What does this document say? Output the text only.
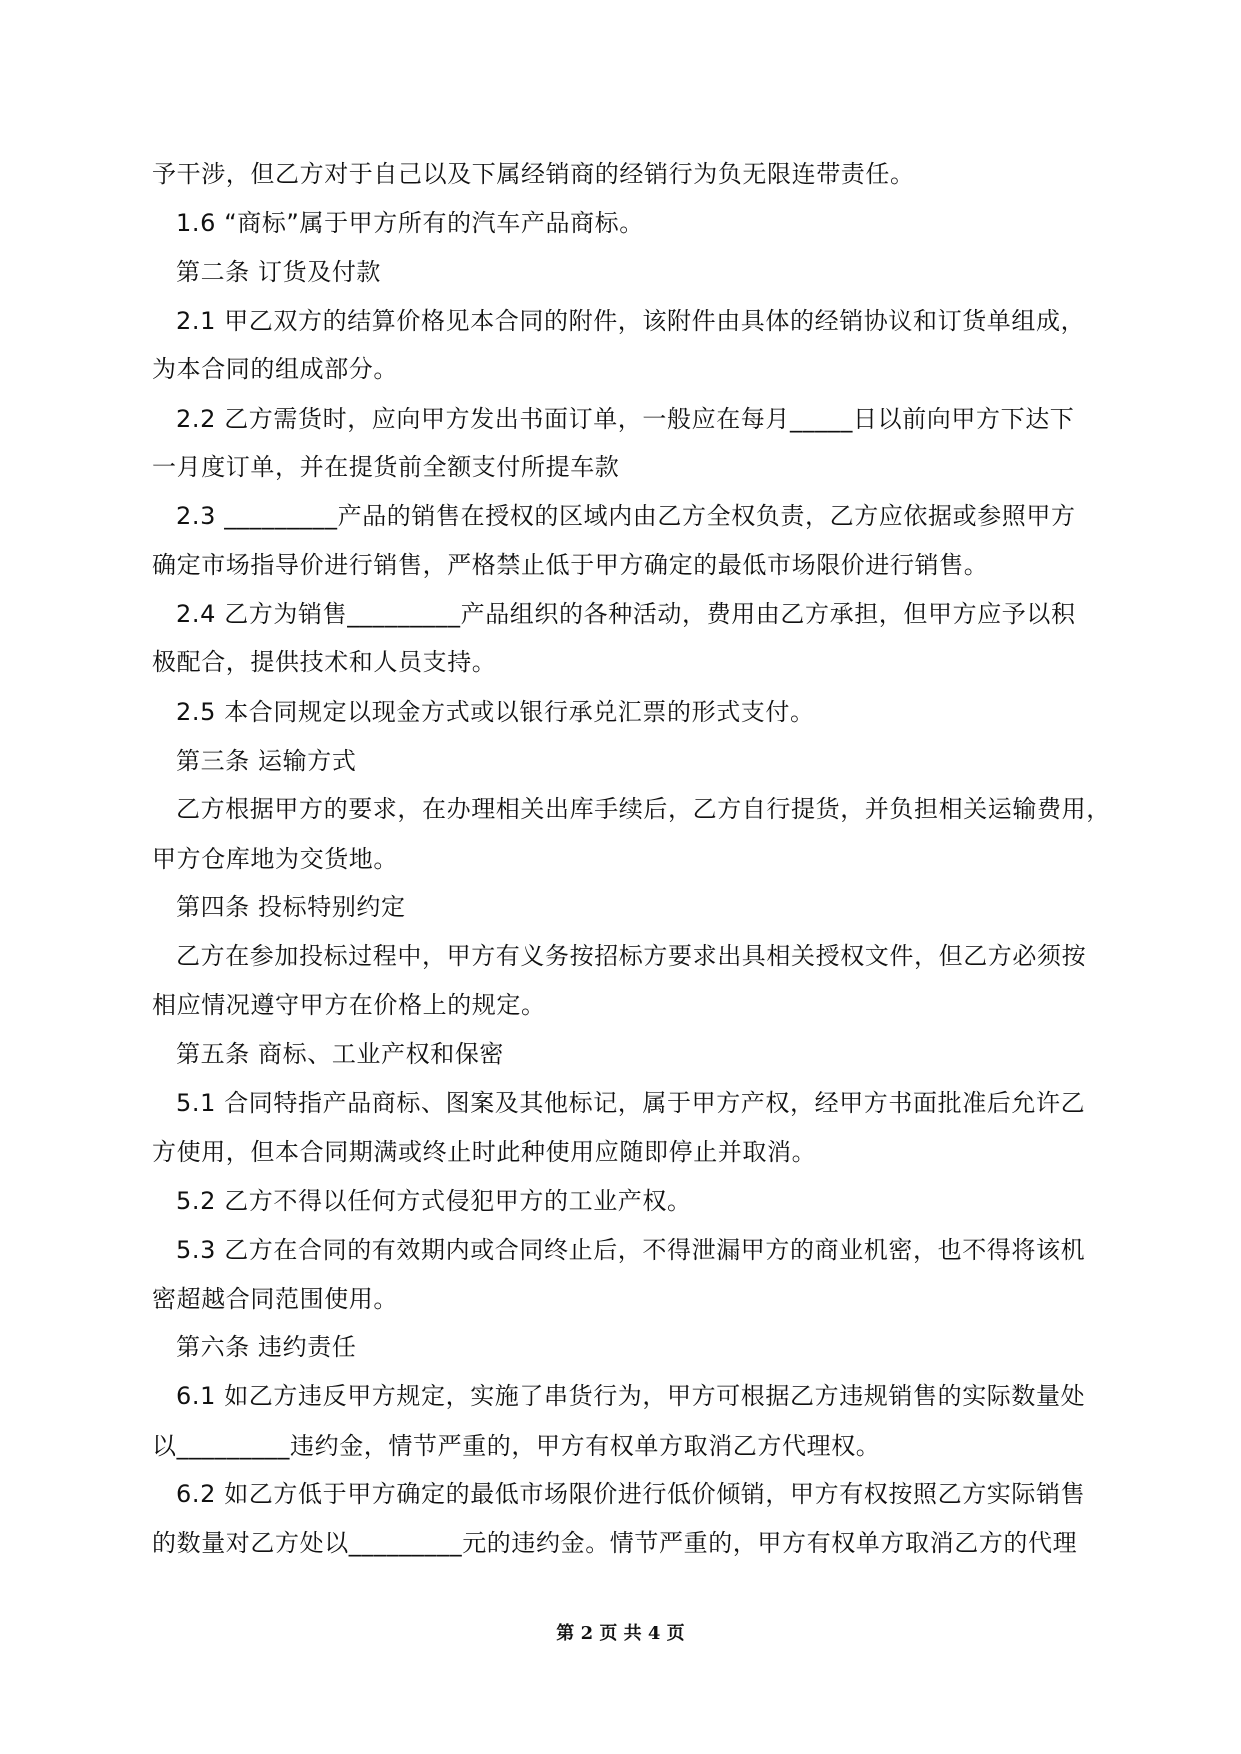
予干涉，但乙方对于自己以及下属经销商的经销行为负无限连带责任。
1.6 “商标”属于甲方所有的汽车产品商标。
第二条 订货及付款
2.1 甲乙双方的结算价格见本合同的附件，该附件由具体的经销协议和订货单组成，
为本合同的组成部分。
2.2 乙方需货时，应向甲方发出书面订单，一般应在每月_____日以前向甲方下达下
一月度订单，并在提货前全额支付所提车款
2.3 _________产品的销售在授权的区域内由乙方全权负责，乙方应依据或参照甲方
确定市场指导价进行销售，严格禁止低于甲方确定的最低市场限价进行销售。
2.4 乙方为销售_________产品组织的各种活动，费用由乙方承担，但甲方应予以积
极配合，提供技术和人员支持。
2.5 本合同规定以现金方式或以银行承兑汇票的形式支付。
第三条 运输方式
乙方根据甲方的要求，在办理相关出库手续后，乙方自行提货，并负担相关运输费用，
甲方仓库地为交货地。
第四条 投标特别约定
乙方在参加投标过程中，甲方有义务按招标方要求出具相关授权文件，但乙方必须按
相应情况遵守甲方在价格上的规定。
第五条 商标、工业产权和保密
5.1 合同特指产品商标、图案及其他标记，属于甲方产权，经甲方书面批准后允许乙
方使用，但本合同期满或终止时此种使用应随即停止并取消。
5.2 乙方不得以任何方式侵犯甲方的工业产权。
5.3 乙方在合同的有效期内或合同终止后，不得泄漏甲方的商业机密，也不得将该机
密超越合同范围使用。
第六条 违约责任
6.1 如乙方违反甲方规定，实施了串货行为，甲方可根据乙方违规销售的实际数量处
以_________违约金，情节严重的，甲方有权单方取消乙方代理权。
6.2 如乙方低于甲方确定的最低市场限价进行低价倾销，甲方有权按照乙方实际销售
的数量对乙方处以_________元的违约金。情节严重的，甲方有权单方取消乙方的代理
第 2 页 共 4 页
